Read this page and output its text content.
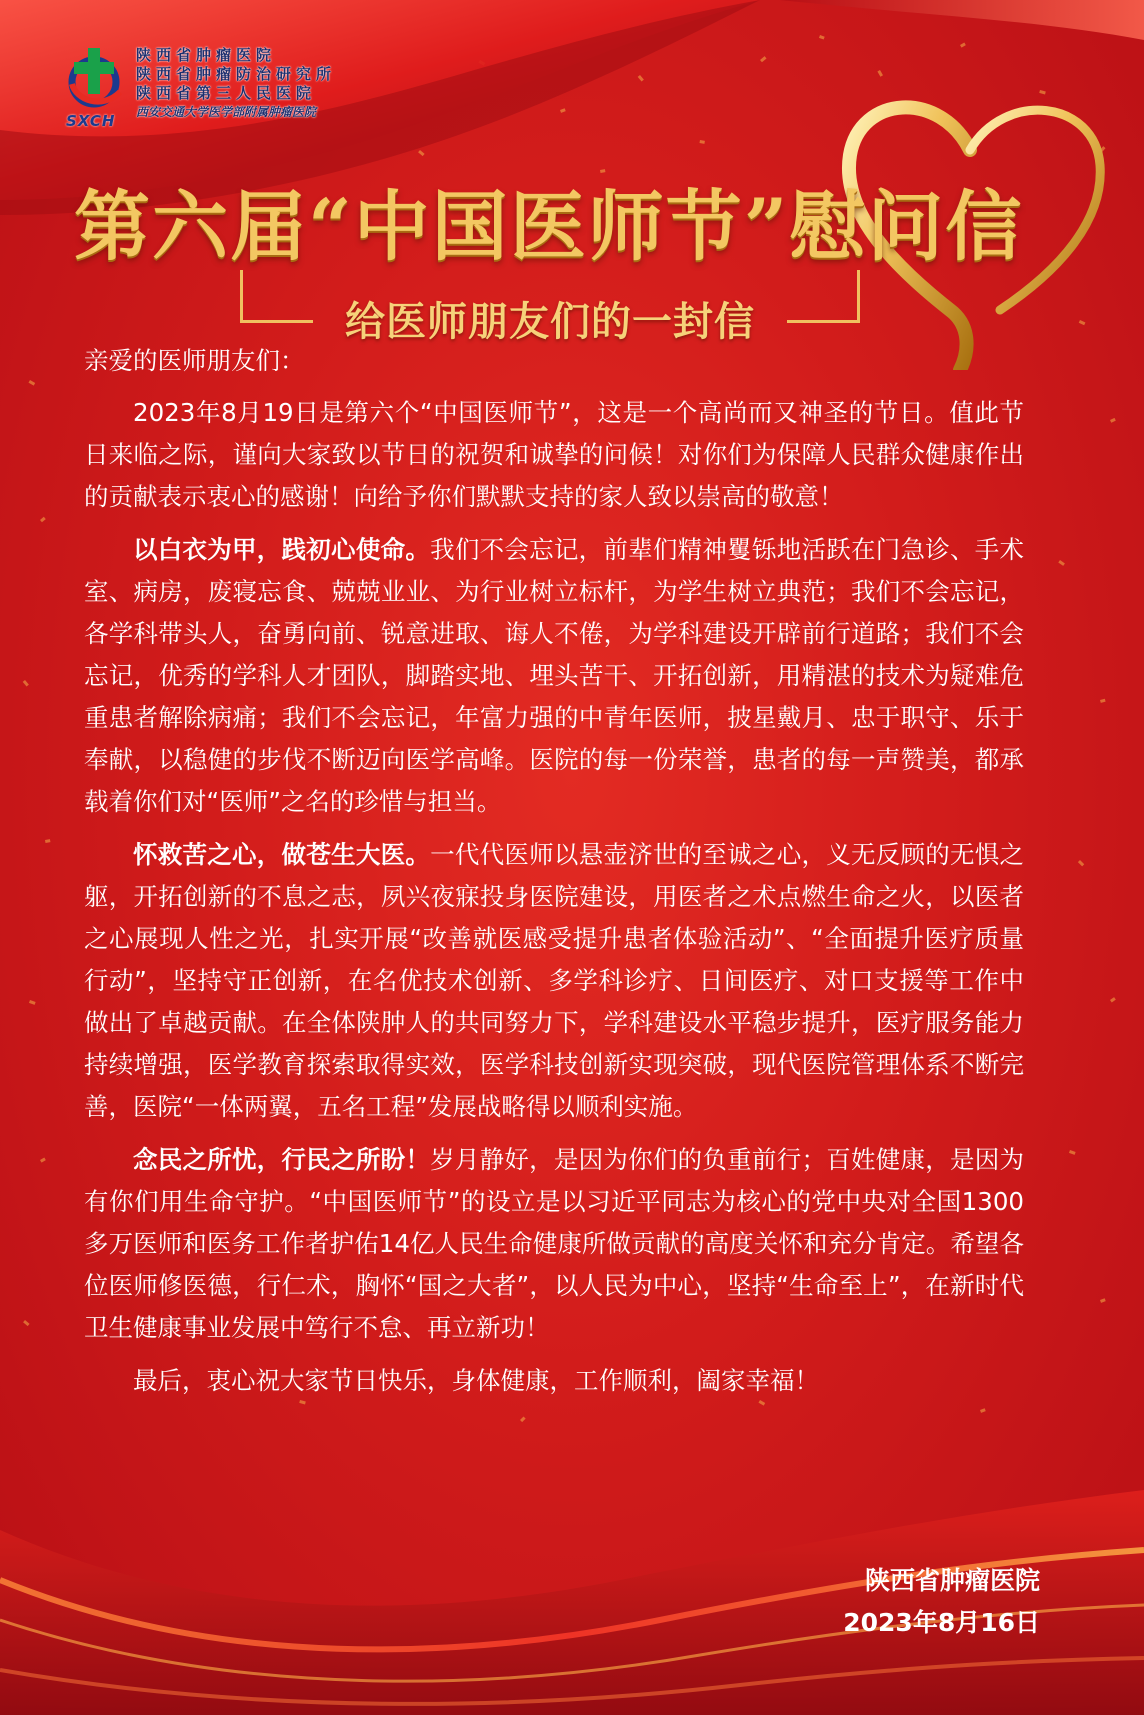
陕西省肿瘤医院
陕西省肿瘤防治研究所
陕西省第三人民医院
西安交通大学医学部附属肿瘤医院
SXCH
第六届“中国医师节”慰问信
给医师朋友们的一封信

亲爱的医师朋友们：

2023年8月19日是第六个“中国医师节”，这是一个高尚而又神圣的节日。值此节日来临之际，谨向大家致以节日的祝贺和诚挚的问候！对你们为保障人民群众健康作出的贡献表示衷心的感谢！向给予你们默默支持的家人致以崇高的敬意！

以白衣为甲，践初心使命。我们不会忘记，前辈们精神矍铄地活跃在门急诊、手术室、病房，废寝忘食、兢兢业业、为行业树立标杆，为学生树立典范；我们不会忘记，各学科带头人，奋勇向前、锐意进取、诲人不倦，为学科建设开辟前行道路；我们不会忘记，优秀的学科人才团队，脚踏实地、埋头苦干、开拓创新，用精湛的技术为疑难危重患者解除病痛；我们不会忘记，年富力强的中青年医师，披星戴月、忠于职守、乐于奉献，以稳健的步伐不断迈向医学高峰。医院的每一份荣誉，患者的每一声赞美，都承载着你们对“医师”之名的珍惜与担当。

怀救苦之心，做苍生大医。一代代医师以悬壶济世的至诚之心，义无反顾的无惧之躯，开拓创新的不息之志，夙兴夜寐投身医院建设，用医者之术点燃生命之火，以医者之心展现人性之光，扎实开展“改善就医感受提升患者体验活动”、“全面提升医疗质量行动”，坚持守正创新，在名优技术创新、多学科诊疗、日间医疗、对口支援等工作中做出了卓越贡献。在全体陕肿人的共同努力下，学科建设水平稳步提升，医疗服务能力持续增强，医学教育探索取得实效，医学科技创新实现突破，现代医院管理体系不断完善，医院“一体两翼，五名工程”发展战略得以顺利实施。

念民之所忧，行民之所盼！岁月静好，是因为你们的负重前行；百姓健康，是因为有你们用生命守护。“中国医师节”的设立是以习近平同志为核心的党中央对全国1300多万医师和医务工作者护佑14亿人民生命健康所做贡献的高度关怀和充分肯定。希望各位医师修医德，行仁术，胸怀“国之大者”，以人民为中心，坚持“生命至上”，在新时代卫生健康事业发展中笃行不怠、再立新功！

最后，衷心祝大家节日快乐，身体健康，工作顺利，阖家幸福！

陕西省肿瘤医院
2023年8月16日
